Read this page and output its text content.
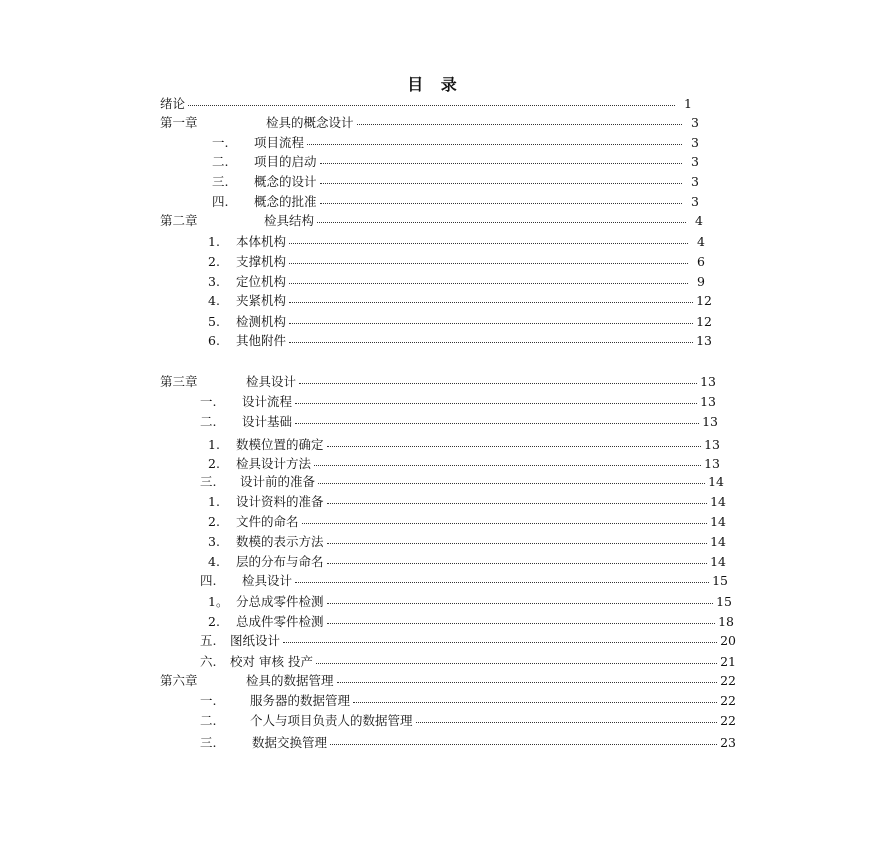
目 录
绪论	1
第一章	检具的概念设计	3
一. 项目流程	3
二. 项目的启动	3
三. 概念的设计	3
四. 概念的批准	3
第二章	检具结构	4
1. 本体机构	4
2. 支撑机构	6
3. 定位机构	9
4. 夹紧机构	12
5. 检测机构	12
6. 其他附件	13
第三章	检具设计	13
一. 设计流程	13
二. 设计基础	13
1. 数模位置的确定	13
2. 检具设计方法	13
三. 设计前的准备	14
1. 设计资料的准备	14
2. 文件的命名	14
3. 数模的表示方法	14
4. 层的分布与命名	14
四. 检具设计	15
1。 分总成零件检测	15
2. 总成件零件检测	18
五. 图纸设计	20
六. 校对 审核 投产	21
第六章	检具的数据管理	22
一.	服务器的数据管理	22
二.	个人与项目负责人的数据管理	22
三.	数据交换管理	23
